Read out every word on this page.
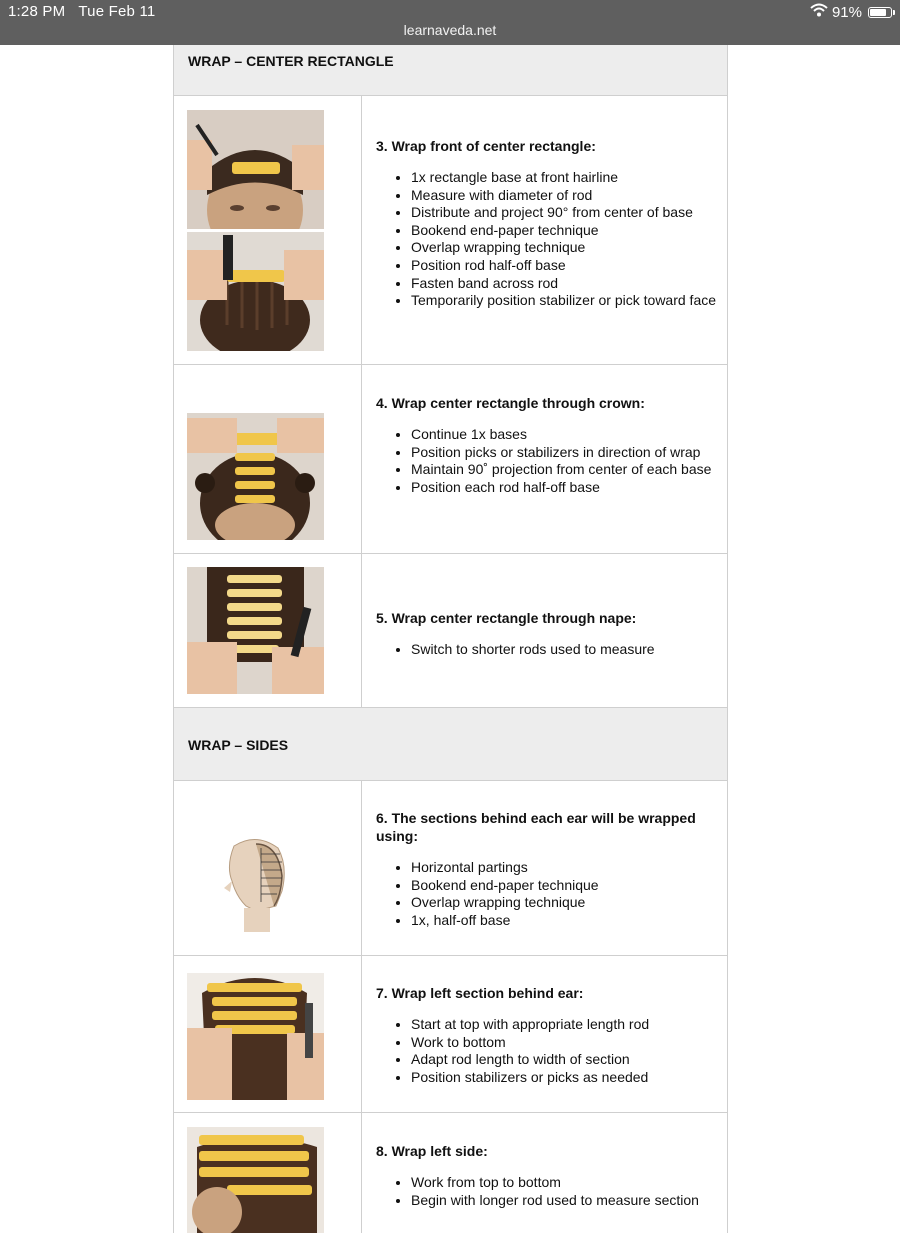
1:28 PM Tue Feb 11	91%
learnaveda.net
WRAP – CENTER RECTANGLE
3. Wrap front of center rectangle:
• 1x rectangle base at front hairline
• Measure with diameter of rod
• Distribute and project 90° from center of base
• Bookend end-paper technique
• Overlap wrapping technique
• Position rod half-off base
• Fasten band across rod
• Temporarily position stabilizer or pick toward face
4. Wrap center rectangle through crown:
• Continue 1x bases
• Position picks or stabilizers in direction of wrap
• Maintain 90˚ projection from center of each base
• Position each rod half-off base
5. Wrap center rectangle through nape:
• Switch to shorter rods used to measure
WRAP – SIDES
6. The sections behind each ear will be wrapped using:
• Horizontal partings
• Bookend end-paper technique
• Overlap wrapping technique
• 1x, half-off base
7. Wrap left section behind ear:
• Start at top with appropriate length rod
• Work to bottom
• Adapt rod length to width of section
• Position stabilizers or picks as needed
8. Wrap left side:
• Work from top to bottom
• Begin with longer rod used to measure section
